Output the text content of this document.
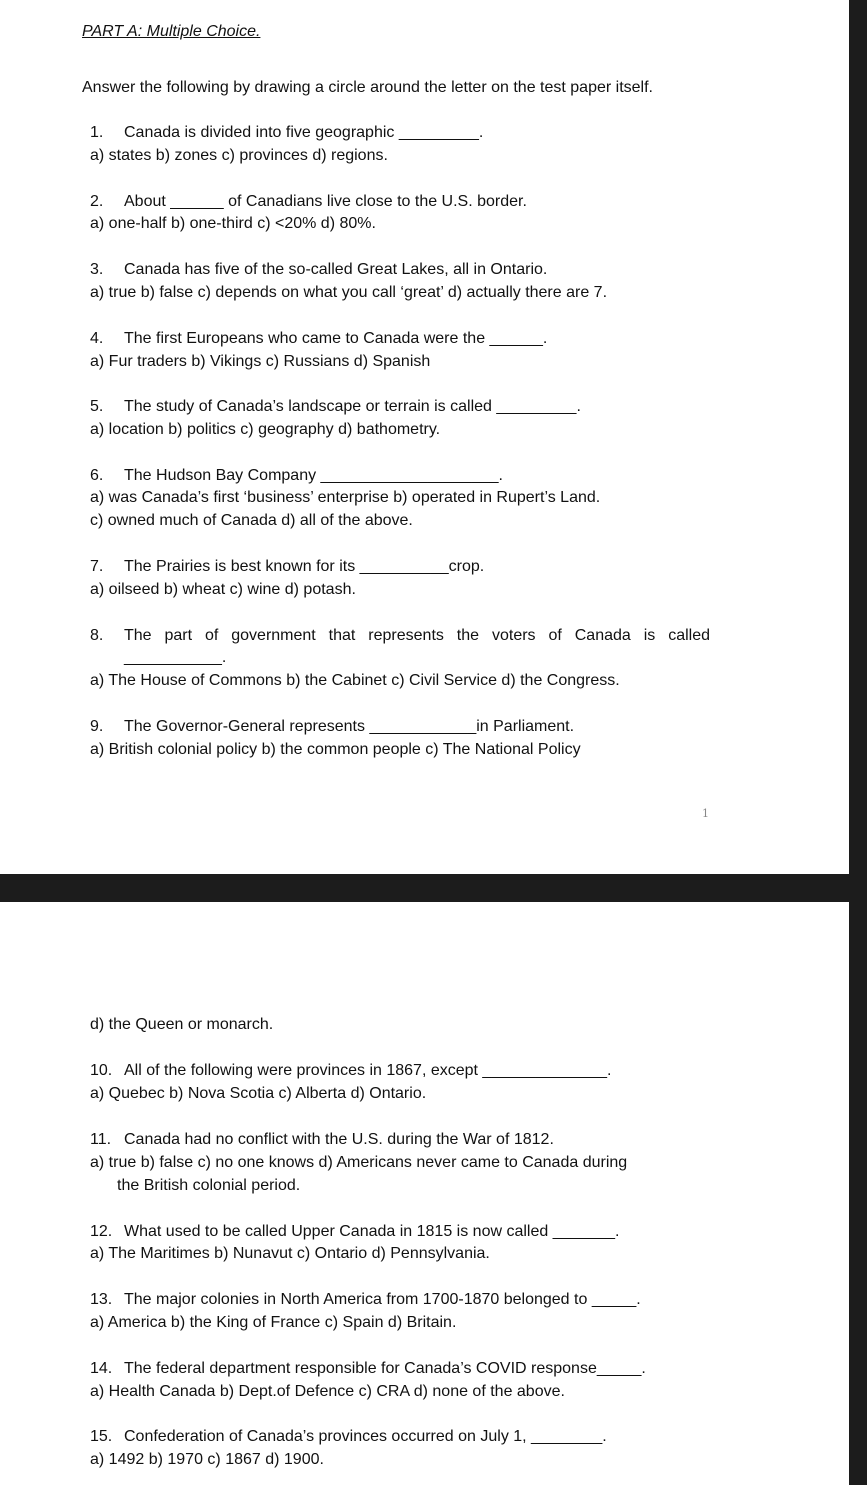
PART A: Multiple Choice.
Answer the following by drawing a circle around the letter on the test paper itself.
1. Canada is divided into five geographic _________.
a) states b) zones c) provinces d) regions.
2. About ______ of Canadians live close to the U.S. border.
a) one-half b) one-third c) <20% d) 80%.
3. Canada has five of the so-called Great Lakes, all in Ontario.
a) true b) false c) depends on what you call ‘great’ d) actually there are 7.
4. The first Europeans who came to Canada were the ______.
a) Fur traders b) Vikings c) Russians d) Spanish
5. The study of Canada’s landscape or terrain is called _________.
a) location b) politics c) geography d) bathometry.
6. The Hudson Bay Company ____________________.
a) was Canada’s first ‘business’ enterprise b) operated in Rupert’s Land.
c) owned much of Canada d) all of the above.
7. The Prairies is best known for its __________crop.
a) oilseed b) wheat c) wine d) potash.
8. The part of government that represents the voters of Canada is called
___________.
a) The House of Commons b) the Cabinet c) Civil Service d) the Congress.
9. The Governor-General represents ____________in Parliament.
a) British colonial policy b) the common people c) The National Policy
1
d) the Queen or monarch.
10. All of the following were provinces in 1867, except ______________.
a) Quebec b) Nova Scotia c) Alberta d) Ontario.
11. Canada had no conflict with the U.S. during the War of 1812.
a) true b) false c) no one knows d) Americans never came to Canada during
the British colonial period.
12. What used to be called Upper Canada in 1815 is now called _______.
a) The Maritimes b) Nunavut c) Ontario d) Pennsylvania.
13. The major colonies in North America from 1700-1870 belonged to _____.
a) America b) the King of France c) Spain d) Britain.
14. The federal department responsible for Canada’s COVID response_____.
a) Health Canada b) Dept.of Defence c) CRA d) none of the above.
15. Confederation of Canada’s provinces occurred on July 1, ________.
a) 1492 b) 1970 c) 1867 d) 1900.
